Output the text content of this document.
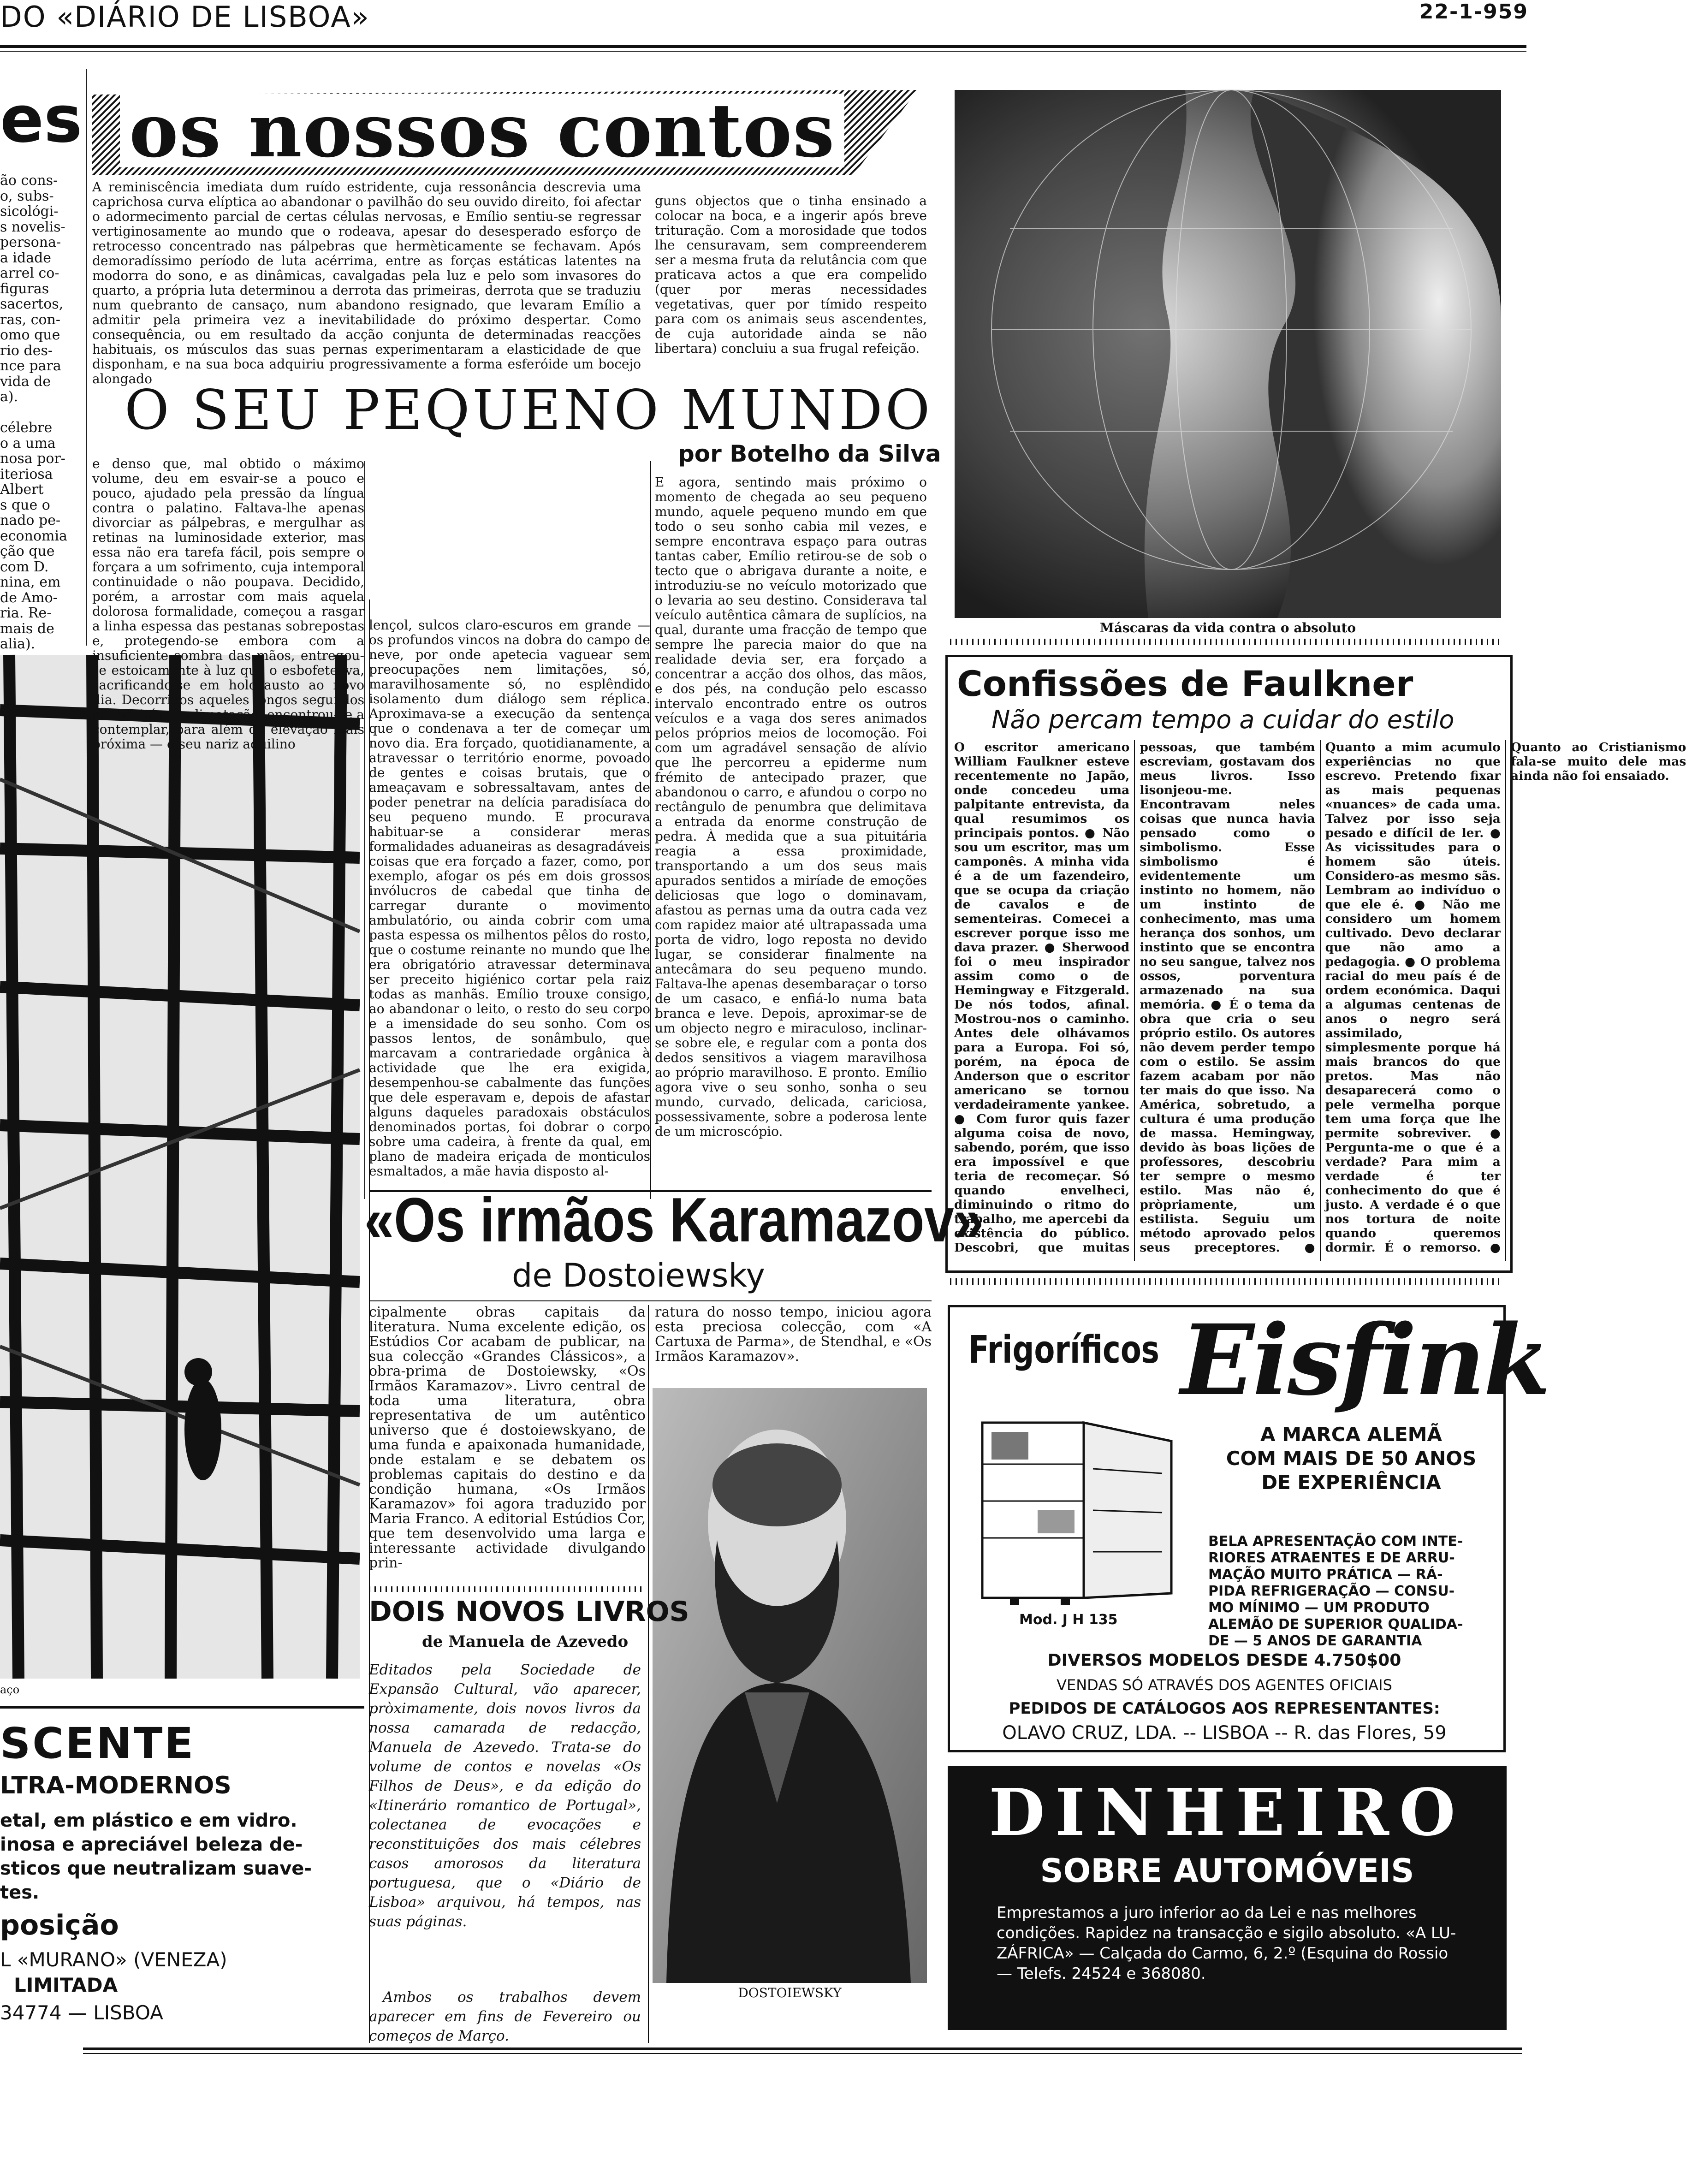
DO «DIÁRIO DE LISBOA»	22-1-959
es
ão cons-
o, subs-
sicológi-
s novelis-
persona-
a idade
arrel co-
figuras
sacertos,
ras, con-
omo que
rio des-
nce para
vida de
a).

célebre
o a uma
nosa por-
iteriosa
Albert
s que o
nado pe-
economia
ção que
com D.
nina, em
de Amo-
ria. Re-
mais de
alia).
aço
SCENTE
LTRA-MODERNOS
etal, em plástico e em vidro.
inosa e apreciável beleza de-
sticos que neutralizam suave-
tes.
posição
L «MURANO» (VENEZA)
LIMITADA
34774 — LISBOA
os nossos contos
A reminiscência imediata dum ruído estridente, cuja ressonância descrevia uma caprichosa curva elíptica ao abandonar o pavilhão do seu ouvido direito, foi afectar o adormecimento parcial de certas células nervosas, e Emílio sentiu-se regressar vertiginosamente ao mundo que o rodeava, apesar do desesperado esforço de retrocesso concentrado nas pálpebras que hermèticamente se fechavam. Após demoradíssimo período de luta acérrima, entre as forças estáticas latentes na modorra do sono, e as dinâmicas, cavalgadas pela luz e pelo som invasores do quarto, a própria luta determinou a derrota das primeiras, derrota que se traduziu num quebranto de cansaço, num abandono resignado, que levaram Emílio a admitir pela primeira vez a inevitabilidade do próximo despertar. Como consequência, ou em resultado da acção conjunta de determinadas reacções habituais, os músculos das suas pernas experimentaram a elasticidade de que disponham, e na sua boca adquiriu progressivamente a forma esferóide um bocejo alongado
guns objectos que o tinha ensinado a colocar na boca, e a ingerir após breve trituração. Com a morosidade que todos lhe censuravam, sem compreenderem ser a mesma fruta da relutância com que praticava actos a que era compelido (quer por meras necessidades vegetativas, quer por tímido respeito para com os animais seus ascendentes, de cuja autoridade ainda se não libertara) concluiu a sua frugal refeição.
O SEU PEQUENO MUNDO
por Botelho da Silva
e denso que, mal obtido o máximo volume, deu em esvair-se a pouco e pouco, ajudado pela pressão da língua contra o palatino. Faltava-lhe apenas divorciar as pálpebras, e mergulhar as retinas na luminosidade exterior, mas essa não era tarefa fácil, pois sempre o forçara a um sofrimento, cuja intemporal continuidade o não poupava. Decidido, porém, a arrostar com mais aquela dolorosa formalidade, começou a rasgar a linha espessa das pestanas sobrepostas e, protegendo-se embora com a insuficiente sombra das mãos, entregou-se estoicamente à luz que o esbofeteava, sacrificando-se em holocausto ao novo dia. Decorridos aqueles longos segundos de inevitável aclimatação, encontrou-se a contemplar, para além da elevação mais próxima — o seu nariz aquilino
lençol, sulcos claro-escuros em grande — os profundos vincos na dobra do campo de neve, por onde apetecia vaguear sem preocupações nem limitações, só, maravilhosamente só, no esplêndido isolamento dum diálogo sem réplica. Aproximava-se a execução da sentença que o condenava a ter de começar um novo dia. Era forçado, quotidianamente, a atravessar o território enorme, povoado de gentes e coisas brutais, que o ameaçavam e sobressaltavam, antes de poder penetrar na delícia paradisíaca do seu pequeno mundo. E procurava habituar-se a considerar meras formalidades aduaneiras as desagradáveis coisas que era forçado a fazer, como, por exemplo, afogar os pés em dois grossos invólucros de cabedal que tinha de carregar durante o movimento ambulatório, ou ainda cobrir com uma pasta espessa os milhentos pêlos do rosto, que o costume reinante no mundo que lhe era obrigatório atravessar determinava ser preceito higiénico cortar pela raiz todas as manhãs. Emílio trouxe consigo, ao abandonar o leito, o resto do seu corpo e a imensidade do seu sonho. Com os passos lentos, de sonâmbulo, que marcavam a contrariedade orgânica à actividade que lhe era exigida, desempenhou-se cabalmente das funções que dele esperavam e, depois de afastar alguns daqueles paradoxais obstáculos denominados portas, foi dobrar o corpo sobre uma cadeira, à frente da qual, em plano de madeira eriçada de monticulos esmaltados, a mãe havia disposto al-
E agora, sentindo mais próximo o momento de chegada ao seu pequeno mundo, aquele pequeno mundo em que todo o seu sonho cabia mil vezes, e sempre encontrava espaço para outras tantas caber, Emílio retirou-se de sob o tecto que o abrigava durante a noite, e introduziu-se no veículo motorizado que o levaria ao seu destino. Considerava tal veículo autêntica câmara de suplícios, na qual, durante uma fracção de tempo que sempre lhe parecia maior do que na realidade devia ser, era forçado a concentrar a acção dos olhos, das mãos, e dos pés, na condução pelo escasso intervalo encontrado entre os outros veículos e a vaga dos seres animados pelos próprios meios de locomoção. Foi com um agradável sensação de alívio que lhe percorreu a epiderme num frémito de antecipado prazer, que abandonou o carro, e afundou o corpo no rectângulo de penumbra que delimitava a entrada da enorme construção de pedra. À medida que a sua pituitária reagia a essa proximidade, transportando a um dos seus mais apurados sentidos a miríade de emoções deliciosas que logo o dominavam, afastou as pernas uma da outra cada vez com rapidez maior até ultrapassada uma porta de vidro, logo reposta no devido lugar, se considerar finalmente na antecâmara do seu pequeno mundo. Faltava-lhe apenas desembaraçar o torso de um casaco, e enfiá-lo numa bata branca e leve. Depois, aproximar-se de um objecto negro e miraculoso, inclinar-se sobre ele, e regular com a ponta dos dedos sensitivos a viagem maravilhosa ao próprio maravilhoso. E pronto. Emílio agora vive o seu sonho, sonha o seu mundo, curvado, delicada, cariciosa, possessivamente, sobre a poderosa lente de um microscópio.
Máscaras da vida contra o absoluto
Confissões de Faulkner
Não percam tempo a cuidar do estilo
O escritor americano William Faulkner esteve recentemente no Japão, onde concedeu uma palpitante entrevista, da qual resumimos os principais pontos. ● Não sou um escritor, mas um camponês. A minha vida é a de um fazendeiro, que se ocupa da criação de cavalos e de sementeiras. Comecei a escrever porque isso me dava prazer. ● Sherwood foi o meu inspirador assim como o de Hemingway e Fitzgerald. De nós todos, afinal. Mostrou-nos o caminho. Antes dele olhávamos para a Europa. Foi só, porém, na época de Anderson que o escritor americano se tornou verdadeiramente yankee. ● Com furor quis fazer alguma coisa de novo, sabendo, porém, que isso era impossível e que teria de recomeçar. Só quando envelheci, diminuindo o ritmo do trabalho, me apercebi da existência do público. Descobri, que muitas pessoas, que também escreviam, gostavam dos meus livros. Isso lisonjeou-me. Encontravam neles coisas que nunca havia pensado como o simbolismo. Esse simbolismo é evidentemente um instinto no homem, não um instinto de conhecimento, mas uma herança dos sonhos, um instinto que se encontra no seu sangue, talvez nos ossos, porventura armazenado na sua memória. ● É o tema da obra que cria o seu próprio estilo. Os autores não devem perder tempo com o estilo. Se assim fazem acabam por não ter mais do que isso. Na América, sobretudo, a cultura é uma produção de massa. Hemingway, devido às boas lições de professores, descobriu ter sempre o mesmo estilo. Mas não é, pròpriamente, um estilista. Seguiu um método aprovado pelos seus preceptores. ● Quanto a mim acumulo experiências no que escrevo. Pretendo fixar as mais pequenas «nuances» de cada uma. Talvez por isso seja pesado e difícil de ler. ● As vicissitudes para o homem são úteis. Considero-as mesmo sãs. Lembram ao indivíduo o que ele é. ● Não me considero um homem cultivado. Devo declarar que não amo a pedagogia. ● O problema racial do meu país é de ordem económica. Daqui a algumas centenas de anos o negro será assimilado, simplesmente porque há mais brancos do que pretos. Mas não desaparecerá como o pele vermelha porque tem uma força que lhe permite sobreviver. ● Pergunta-me o que é a verdade? Para mim a verdade é ter conhecimento do que é justo. A verdade é o que nos tortura de noite quando queremos dormir. É o remorso. ● Quanto ao Cristianismo fala-se muito dele mas ainda não foi ensaiado.
«Os irmãos Karamazov»
de Dostoiewsky
cipalmente obras capitais da literatura. Numa excelente edição, os Estúdios Cor acabam de publicar, na sua colecção «Grandes Clássicos», a obra-prima de Dostoiewsky, «Os Irmãos Karamazov». Livro central de toda uma literatura, obra representativa de um autêntico universo que é dostoiewskyano, de uma funda e apaixonada humanidade, onde estalam e se debatem os problemas capitais do destino e da condição humana, «Os Irmãos Karamazov» foi agora traduzido por Maria Franco. A editorial Estúdios Cor, que tem desenvolvido uma larga e interessante actividade divulgando prin-
ratura do nosso tempo, iniciou agora esta preciosa colecção, com «A Cartuxa de Parma», de Stendhal, e «Os Irmãos Karamazov».
DOSTOIEWSKY
DOIS NOVOS LIVROS
de Manuela de Azevedo
Editados pela Sociedade de Expansão Cultural, vão aparecer, pròximamente, dois novos livros da nossa camarada de redacção, Manuela de Azevedo. Trata-se do volume de contos e novelas «Os Filhos de Deus», e da edição do «Itinerário romantico de Portugal», colectanea de evocações e reconstituições dos mais célebres casos amorosos da literatura portuguesa, que o «Diário de Lisboa» arquivou, há tempos, nas suas páginas.
Ambos os trabalhos devem aparecer em fins de Fevereiro ou começos de Março.
Frigoríficos Eisfink
A MARCA ALEMÃ
COM MAIS DE 50 ANOS
DE EXPERIÊNCIA
BELA APRESENTAÇÃO COM INTE-
RIORES ATRAENTES E DE ARRU-
MAÇÃO MUITO PRÁTICA — RÁ-
PIDA REFRIGERAÇÃO — CONSU-
MO MÍNIMO — UM PRODUTO
ALEMÃO DE SUPERIOR QUALIDA-
DE — 5 ANOS DE GARANTIA
Mod. J H 135
DIVERSOS MODELOS DESDE 4.750$00
VENDAS SÓ ATRAVÉS DOS AGENTES OFICIAIS
PEDIDOS DE CATÁLOGOS AOS REPRESENTANTES:
OLAVO CRUZ, LDA. -- LISBOA -- R. das Flores, 59
DINHEIRO
SOBRE AUTOMÓVEIS
Emprestamos a juro inferior ao da Lei e nas melhores
condições. Rapidez na transacção e sigilo absoluto. «A LU-
ZÁFRICA» — Calçada do Carmo, 6, 2.º (Esquina do Rossio
— Telefs. 24524 e 368080.
